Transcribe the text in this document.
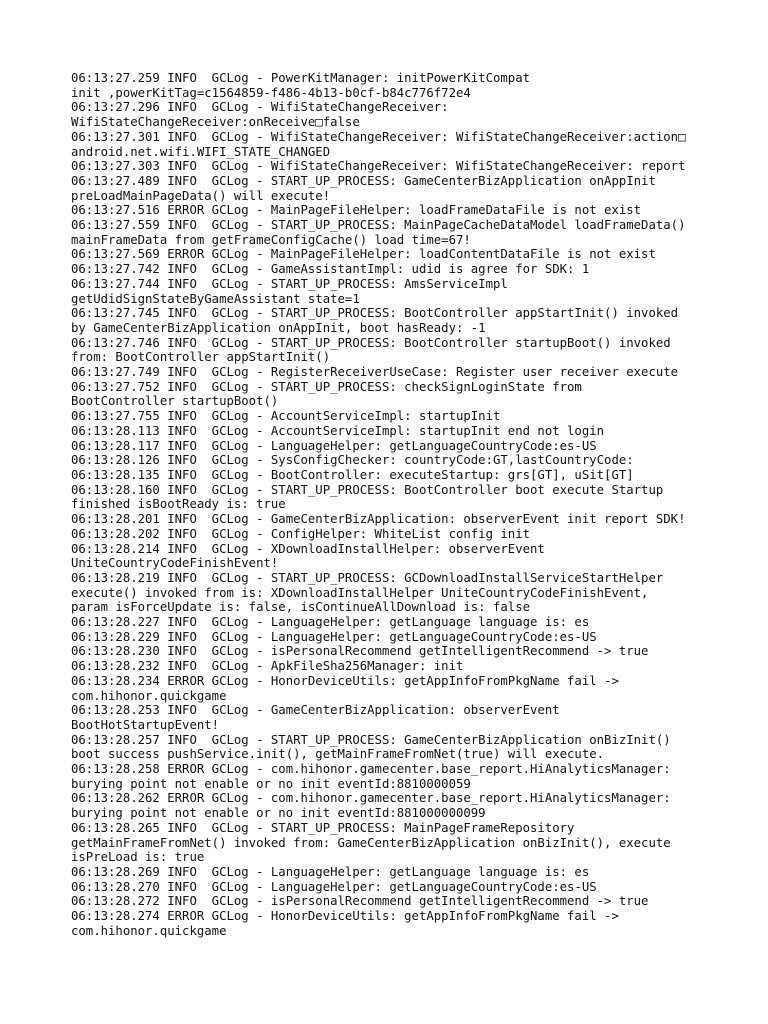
06:13:27.259 INFO  GCLog - PowerKitManager: initPowerKitCompat
init ,powerKitTag=c1564859-f486-4b13-b0cf-b84c776f72e4
06:13:27.296 INFO  GCLog - WifiStateChangeReceiver:
WifiStateChangeReceiver:onReceive□false
06:13:27.301 INFO  GCLog - WifiStateChangeReceiver: WifiStateChangeReceiver:action□
android.net.wifi.WIFI_STATE_CHANGED
06:13:27.303 INFO  GCLog - WifiStateChangeReceiver: WifiStateChangeReceiver: report
06:13:27.489 INFO  GCLog - START_UP_PROCESS: GameCenterBizApplication onAppInit
preLoadMainPageData() will execute!
06:13:27.516 ERROR GCLog - MainPageFileHelper: loadFrameDataFile is not exist
06:13:27.559 INFO  GCLog - START_UP_PROCESS: MainPageCacheDataModel loadFrameData()
mainFrameData from getFrameConfigCache() load time=67!
06:13:27.569 ERROR GCLog - MainPageFileHelper: loadContentDataFile is not exist
06:13:27.742 INFO  GCLog - GameAssistantImpl: udid is agree for SDK: 1
06:13:27.744 INFO  GCLog - START_UP_PROCESS: AmsServiceImpl
getUdidSignStateByGameAssistant state=1
06:13:27.745 INFO  GCLog - START_UP_PROCESS: BootController appStartInit() invoked
by GameCenterBizApplication onAppInit, boot hasReady: -1
06:13:27.746 INFO  GCLog - START_UP_PROCESS: BootController startupBoot() invoked
from: BootController appStartInit()
06:13:27.749 INFO  GCLog - RegisterReceiverUseCase: Register user receiver execute
06:13:27.752 INFO  GCLog - START_UP_PROCESS: checkSignLoginState from
BootController startupBoot()
06:13:27.755 INFO  GCLog - AccountServiceImpl: startupInit
06:13:28.113 INFO  GCLog - AccountServiceImpl: startupInit end not login
06:13:28.117 INFO  GCLog - LanguageHelper: getLanguageCountryCode:es-US
06:13:28.126 INFO  GCLog - SysConfigChecker: countryCode:GT,lastCountryCode:
06:13:28.135 INFO  GCLog - BootController: executeStartup: grs[GT], uSit[GT]
06:13:28.160 INFO  GCLog - START_UP_PROCESS: BootController boot execute Startup
finished isBootReady is: true
06:13:28.201 INFO  GCLog - GameCenterBizApplication: observerEvent init report SDK!
06:13:28.202 INFO  GCLog - ConfigHelper: WhiteList config init
06:13:28.214 INFO  GCLog - XDownloadInstallHelper: observerEvent
UniteCountryCodeFinishEvent!
06:13:28.219 INFO  GCLog - START_UP_PROCESS: GCDownloadInstallServiceStartHelper
execute() invoked from is: XDownloadInstallHelper UniteCountryCodeFinishEvent,
param isForceUpdate is: false, isContinueAllDownload is: false
06:13:28.227 INFO  GCLog - LanguageHelper: getLanguage language is: es
06:13:28.229 INFO  GCLog - LanguageHelper: getLanguageCountryCode:es-US
06:13:28.230 INFO  GCLog - isPersonalRecommend getIntelligentRecommend -> true
06:13:28.232 INFO  GCLog - ApkFileSha256Manager: init
06:13:28.234 ERROR GCLog - HonorDeviceUtils: getAppInfoFromPkgName fail ->
com.hihonor.quickgame
06:13:28.253 INFO  GCLog - GameCenterBizApplication: observerEvent
BootHotStartupEvent!
06:13:28.257 INFO  GCLog - START_UP_PROCESS: GameCenterBizApplication onBizInit()
boot success pushService.init(), getMainFrameFromNet(true) will execute.
06:13:28.258 ERROR GCLog - com.hihonor.gamecenter.base_report.HiAnalyticsManager:
burying point not enable or no init eventId:8810000059
06:13:28.262 ERROR GCLog - com.hihonor.gamecenter.base_report.HiAnalyticsManager:
burying point not enable or no init eventId:881000000099
06:13:28.265 INFO  GCLog - START_UP_PROCESS: MainPageFrameRepository
getMainFrameFromNet() invoked from: GameCenterBizApplication onBizInit(), execute
isPreLoad is: true
06:13:28.269 INFO  GCLog - LanguageHelper: getLanguage language is: es
06:13:28.270 INFO  GCLog - LanguageHelper: getLanguageCountryCode:es-US
06:13:28.272 INFO  GCLog - isPersonalRecommend getIntelligentRecommend -> true
06:13:28.274 ERROR GCLog - HonorDeviceUtils: getAppInfoFromPkgName fail ->
com.hihonor.quickgame
